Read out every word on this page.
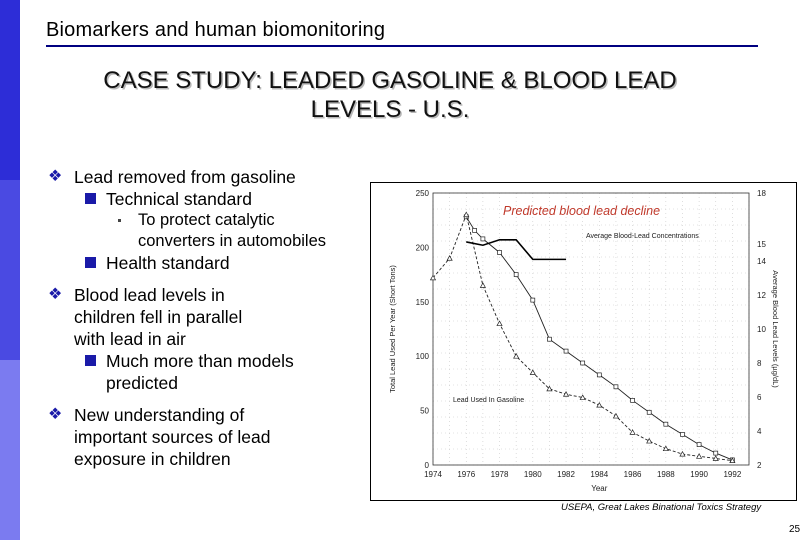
Biomarkers and human biomonitoring
CASE STUDY: LEADED GASOLINE & BLOOD LEAD
LEVELS - U.S.
❖ Lead removed from gasoline
Technical standard
To protect catalytic
converters in automobiles
Health standard
❖ Blood lead levels in
children fell in parallel
with lead in air
Much more than models
predicted
❖ New understanding of
important sources of lead
exposure in children	0
50
100
150
200
250
2
4
6
8
10
12
14
15
18
1974 1976 1978 1980 1982 1984 1986 1988 1990 1992
Year
Total Lead Used Per Year (Short Tons)	Average Blood Lead Levels (µg/dL)
Average Blood-Lead Concentrations
Lead Used In Gasoline
Predicted blood lead decline
USEPA, Great Lakes Binational Toxics Strategy
25
